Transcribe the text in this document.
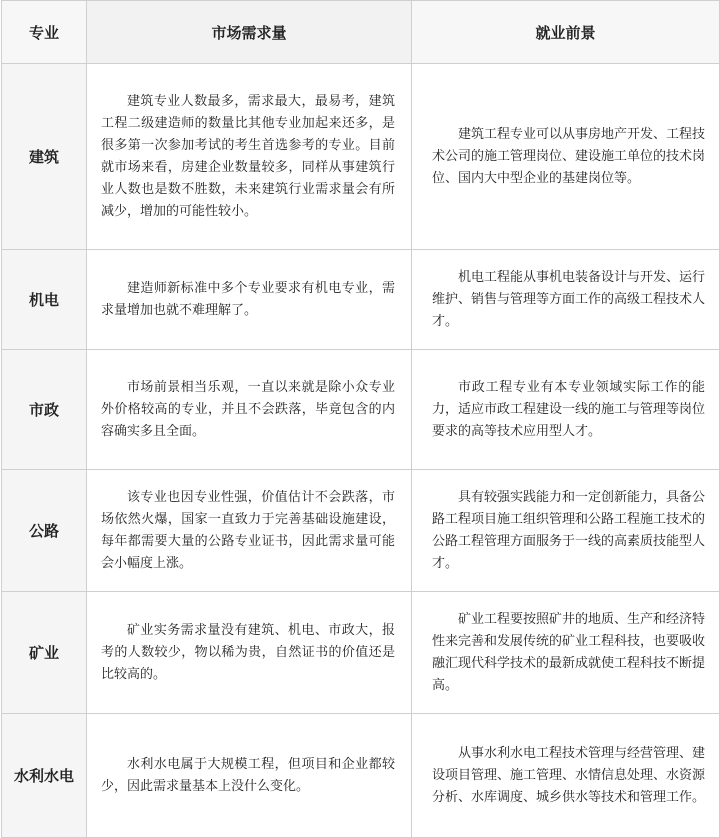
专业	市场需求量	就业前景
建筑	建筑专业人数最多，需求最大，最易考，建筑工程二级建造师的数量比其他专业加起来还多，是很多第一次参加考试的考生首选参考的专业。目前就市场来看，房建企业数量较多，同样从事建筑行业人数也是数不胜数，未来建筑行业需求量会有所减少，增加的可能性较小。	建筑工程专业可以从事房地产开发、工程技术公司的施工管理岗位、建设施工单位的技术岗位、国内大中型企业的基建岗位等。
机电	建造师新标准中多个专业要求有机电专业，需求量增加也就不难理解了。	机电工程能从事机电装备设计与开发、运行维护、销售与管理等方面工作的高级工程技术人才。
市政	市场前景相当乐观，一直以来就是除小众专业外价格较高的专业，并且不会跌落，毕竟包含的内容确实多且全面。	市政工程专业有本专业领域实际工作的能力，适应市政工程建设一线的施工与管理等岗位要求的高等技术应用型人才。
公路	该专业也因专业性强，价值估计不会跌落，市场依然火爆，国家一直致力于完善基础设施建设，每年都需要大量的公路专业证书，因此需求量可能会小幅度上涨。	具有较强实践能力和一定创新能力，具备公路工程项目施工组织管理和公路工程施工技术的公路工程管理方面服务于一线的高素质技能型人才。
矿业	矿业实务需求量没有建筑、机电、市政大，报考的人数较少，物以稀为贵，自然证书的价值还是比较高的。	矿业工程要按照矿井的地质、生产和经济特性来完善和发展传统的矿业工程科技，也要吸收融汇现代科学技术的最新成就使工程科技不断提高。
水利水电	水利水电属于大规模工程，但项目和企业都较少，因此需求量基本上没什么变化。	从事水利水电工程技术管理与经营管理、建设项目管理、施工管理、水情信息处理、水资源分析、水库调度、城乡供水等技术和管理工作。
